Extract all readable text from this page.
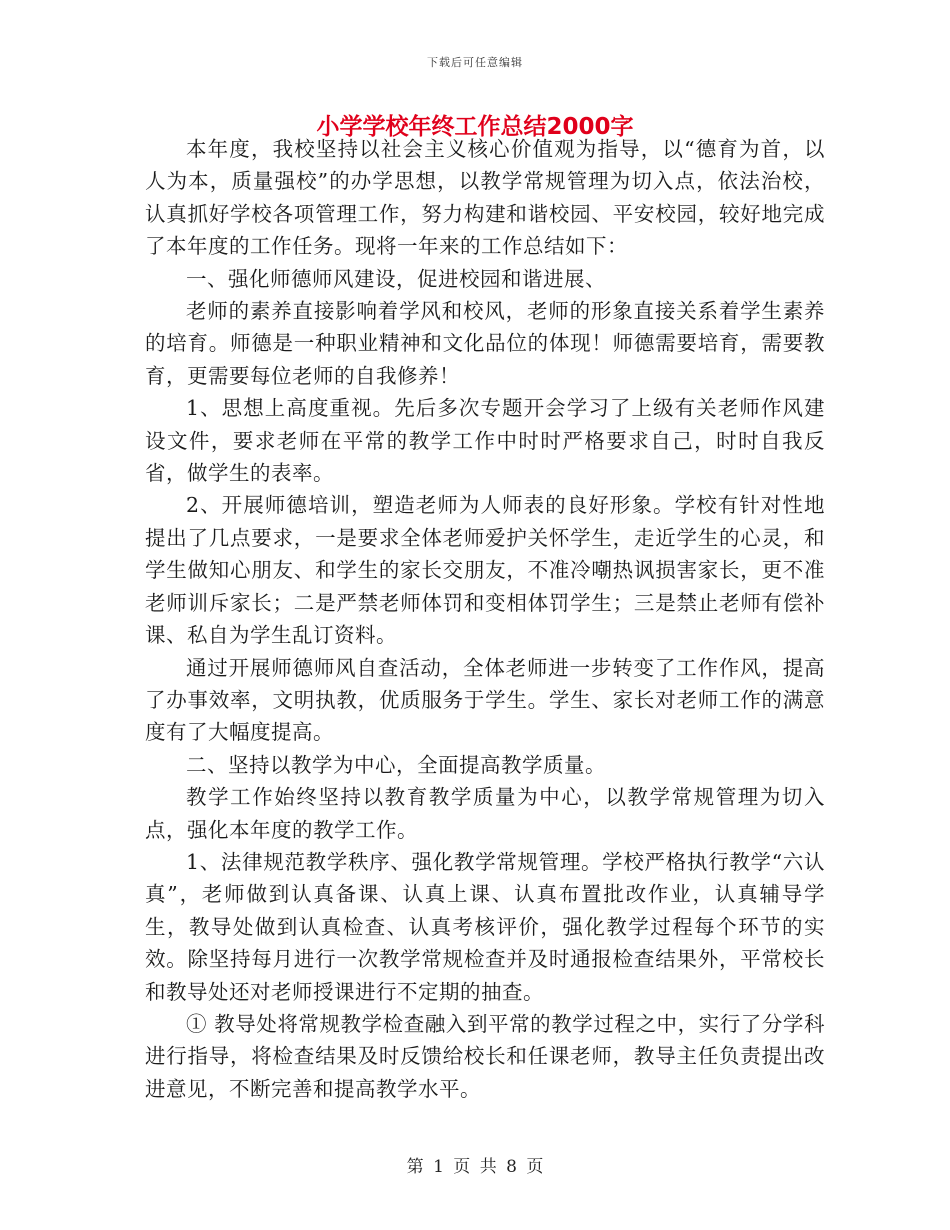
下载后可任意编辑
小学学校年终工作总结2000字

本年度，我校坚持以社会主义核心价值观为指导，以“德育为首，以人为本，质量强校”的办学思想，以教学常规管理为切入点，依法治校，认真抓好学校各项管理工作，努力构建和谐校园、平安校园，较好地完成了本年度的工作任务。现将一年来的工作总结如下：

一、强化师德师风建设，促进校园和谐进展、

老师的素养直接影响着学风和校风，老师的形象直接关系着学生素养的培育。师德是一种职业精神和文化品位的体现！师德需要培育，需要教育，更需要每位老师的自我修养！

1、思想上高度重视。先后多次专题开会学习了上级有关老师作风建设文件，要求老师在平常的教学工作中时时严格要求自己，时时自我反省，做学生的表率。

2、开展师德培训，塑造老师为人师表的良好形象。学校有针对性地提出了几点要求，一是要求全体老师爱护关怀学生，走近学生的心灵，和学生做知心朋友、和学生的家长交朋友，不准冷嘲热讽损害家长，更不准老师训斥家长；二是严禁老师体罚和变相体罚学生；三是禁止老师有偿补课、私自为学生乱订资料。

通过开展师德师风自查活动，全体老师进一步转变了工作作风，提高了办事效率，文明执教，优质服务于学生。学生、家长对老师工作的满意度有了大幅度提高。

二、坚持以教学为中心，全面提高教学质量。

教学工作始终坚持以教育教学质量为中心，以教学常规管理为切入点，强化本年度的教学工作。

1、法律规范教学秩序、强化教学常规管理。学校严格执行教学“六认真”，老师做到认真备课、认真上课、认真布置批改作业，认真辅导学生，教导处做到认真检查、认真考核评价，强化教学过程每个环节的实效。除坚持每月进行一次教学常规检查并及时通报检查结果外，平常校长和教导处还对老师授课进行不定期的抽查。

① 教导处将常规教学检查融入到平常的教学过程之中，实行了分学科进行指导，将检查结果及时反馈给校长和任课老师，教导主任负责提出改进意见，不断完善和提高教学水平。

第 1 页 共 8 页
